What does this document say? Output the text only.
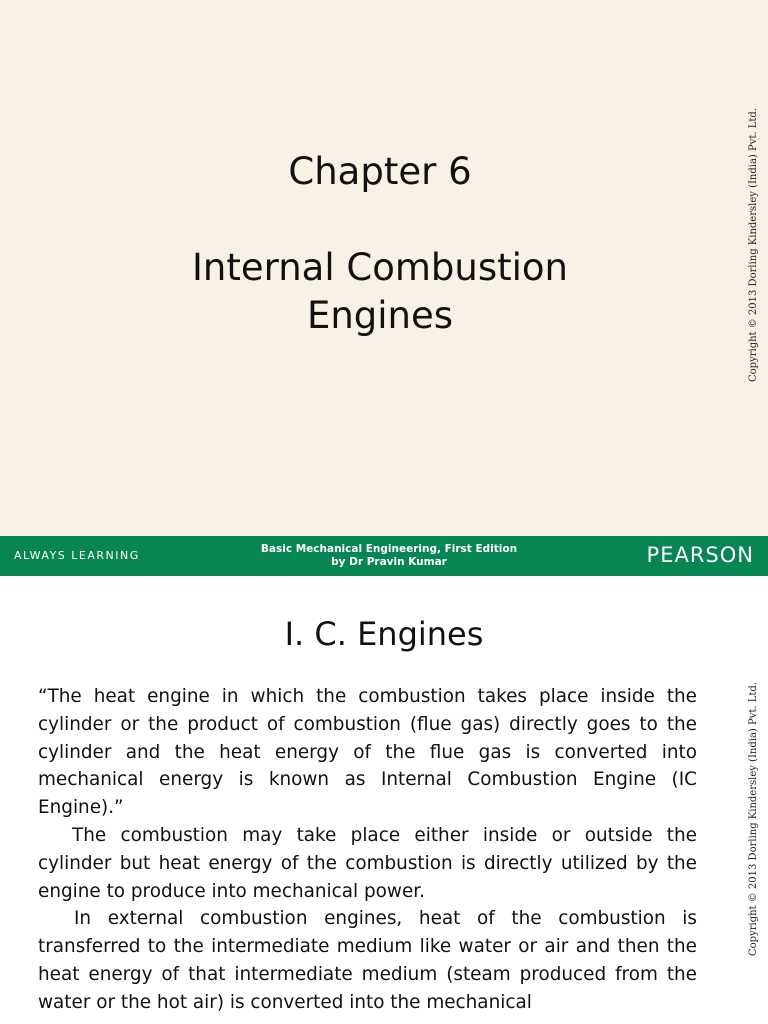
Chapter 6
Internal Combustion
Engines	Copyright © 2013 Dorling Kindersley (India) Pvt. Ltd.
ALWAYS LEARNING	Basic Mechanical Engineering, First Edition
by Dr Pravin Kumar	PEARSON
I. C. Engines

“The heat engine in which the combustion takes place inside the cylinder or the product of combustion (flue gas) directly goes to the cylinder and the heat energy of the flue gas is converted into mechanical energy is known as Internal Combustion Engine (IC Engine).”

The combustion may take place either inside or outside the cylinder but heat energy of the combustion is directly utilized by the engine to produce into mechanical power.

In external combustion engines, heat of the combustion is transferred to the intermediate medium like water or air and then the heat energy of that intermediate medium (steam produced from the water or the hot air) is converted into the mechanical

Copyright © 2013 Dorling Kindersley (India) Pvt. Ltd.
